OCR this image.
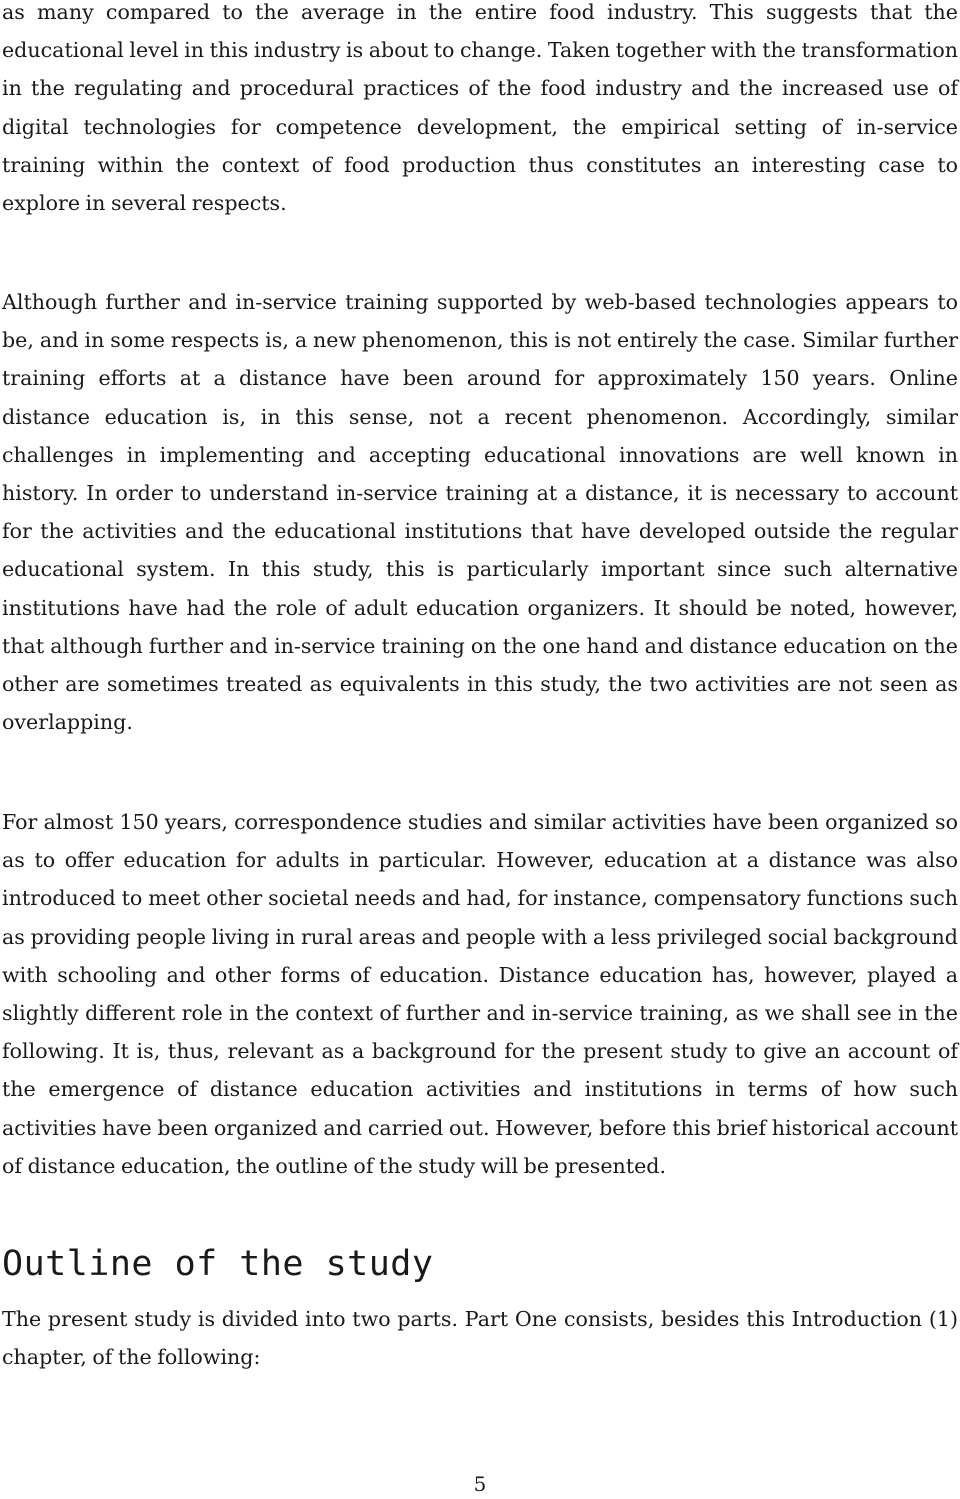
as many compared to the average in the entire food industry. This suggests that the educational level in this industry is about to change. Taken together with the transformation in the regulating and procedural practices of the food industry and the increased use of digital technologies for competence development, the empirical setting of in-service training within the context of food production thus constitutes an interesting case to explore in several respects.

Although further and in-service training supported by web-based technologies appears to be, and in some respects is, a new phenomenon, this is not entirely the case. Similar further training efforts at a distance have been around for approximately 150 years. Online distance education is, in this sense, not a recent phenomenon. Accordingly, similar challenges in implementing and accepting educational innovations are well known in history. In order to understand in-service training at a distance, it is necessary to account for the activities and the educational institutions that have developed outside the regular educational system. In this study, this is particularly important since such alternative institutions have had the role of adult education organizers. It should be noted, however, that although further and in-service training on the one hand and distance education on the other are sometimes treated as equivalents in this study, the two activities are not seen as overlapping.

For almost 150 years, correspondence studies and similar activities have been organized so as to offer education for adults in particular. However, education at a distance was also introduced to meet other societal needs and had, for instance, compensatory functions such as providing people living in rural areas and people with a less privileged social background with schooling and other forms of education. Distance education has, however, played a slightly different role in the context of further and in-service training, as we shall see in the following. It is, thus, relevant as a background for the present study to give an account of the emergence of distance education activities and institutions in terms of how such activities have been organized and carried out. However, before this brief historical account of distance education, the outline of the study will be presented.

Outline of the study

The present study is divided into two parts. Part One consists, besides this Introduction (1) chapter, of the following:

5
